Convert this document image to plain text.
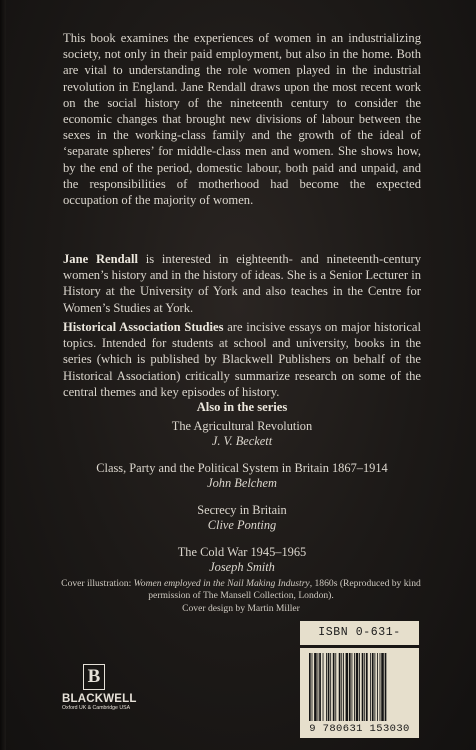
This book examines the experiences of women in an industrializing society, not only in their paid employment, but also in the home. Both are vital to understanding the role women played in the industrial revolution in England. Jane Rendall draws upon the most recent work on the social history of the nineteenth century to consider the economic changes that brought new divisions of labour between the sexes in the working-class family and the growth of the ideal of ‘separate spheres’ for middle-class men and women. She shows how, by the end of the period, domestic labour, both paid and unpaid, and the responsibilities of motherhood had become the expected occupation of the majority of women.

Jane Rendall is interested in eighteenth- and nineteenth-century women’s history and in the history of ideas. She is a Senior Lecturer in History at the University of York and also teaches in the Centre for Women’s Studies at York.

Historical Association Studies are incisive essays on major historical topics. Intended for students at school and university, books in the series (which is published by Blackwell Publishers on behalf of the Historical Association) critically summarize research on some of the central themes and key episodes of history.

Also in the series
The Agricultural Revolution
J. V. Beckett
Class, Party and the Political System in Britain 1867–1914
John Belchem
Secrecy in Britain
Clive Ponting
The Cold War 1945–1965
Joseph Smith
Cover illustration: Women employed in the Nail Making Industry, 1860s (Reproduced by kind permission of The Mansell Collection, London).
Cover design by Martin Miller
B
BLACKWELL
Oxford UK & Cambridge USA
ISBN 0-631-
9 780631 153030
